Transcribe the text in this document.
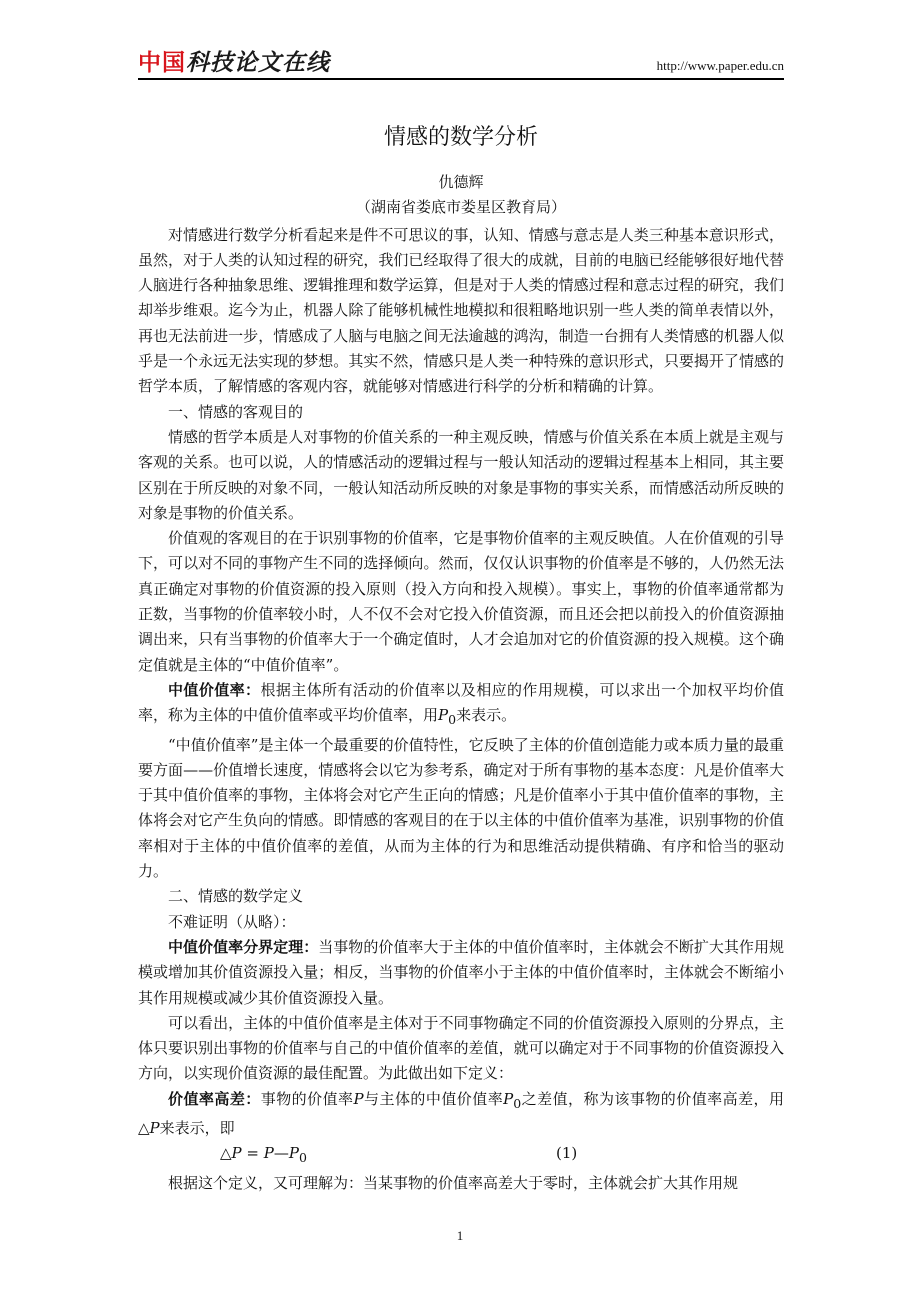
中国科技论文在线	http://www.paper.edu.cn
情感的数学分析
仇德辉
（湖南省娄底市娄星区教育局）

对情感进行数学分析看起来是件不可思议的事，认知、情感与意志是人类三种基本意识形式，虽然，对于人类的认知过程的研究，我们已经取得了很大的成就，目前的电脑已经能够很好地代替人脑进行各种抽象思维、逻辑推理和数学运算，但是对于人类的情感过程和意志过程的研究，我们却举步维艰。迄今为止，机器人除了能够机械性地模拟和很粗略地识别一些人类的简单表情以外，再也无法前进一步，情感成了人脑与电脑之间无法逾越的鸿沟，制造一台拥有人类情感的机器人似乎是一个永远无法实现的梦想。其实不然，情感只是人类一种特殊的意识形式，只要揭开了情感的哲学本质，了解情感的客观内容，就能够对情感进行科学的分析和精确的计算。

一、情感的客观目的

情感的哲学本质是人对事物的价值关系的一种主观反映，情感与价值关系在本质上就是主观与客观的关系。也可以说，人的情感活动的逻辑过程与一般认知活动的逻辑过程基本上相同，其主要区别在于所反映的对象不同，一般认知活动所反映的对象是事物的事实关系，而情感活动所反映的对象是事物的价值关系。

价值观的客观目的在于识别事物的价值率，它是事物价值率的主观反映值。人在价值观的引导下，可以对不同的事物产生不同的选择倾向。然而，仅仅认识事物的价值率是不够的，人仍然无法真正确定对事物的价值资源的投入原则（投入方向和投入规模）。事实上，事物的价值率通常都为正数，当事物的价值率较小时，人不仅不会对它投入价值资源，而且还会把以前投入的价值资源抽调出来，只有当事物的价值率大于一个确定值时，人才会追加对它的价值资源的投入规模。这个确定值就是主体的“中值价值率”。

中值价值率：根据主体所有活动的价值率以及相应的作用规模，可以求出一个加权平均价值率，称为主体的中值价值率或平均价值率，用$P_0$来表示。

“中值价值率”是主体一个最重要的价值特性，它反映了主体的价值创造能力或本质力量的最重要方面——价值增长速度，情感将会以它为参考系，确定对于所有事物的基本态度：凡是价值率大于其中值价值率的事物，主体将会对它产生正向的情感；凡是价值率小于其中值价值率的事物，主体将会对它产生负向的情感。即情感的客观目的在于以主体的中值价值率为基准，识别事物的价值率相对于主体的中值价值率的差值，从而为主体的行为和思维活动提供精确、有序和恰当的驱动力。

二、情感的数学定义

不难证明（从略）：

中值价值率分界定理：当事物的价值率大于主体的中值价值率时，主体就会不断扩大其作用规模或增加其价值资源投入量；相反，当事物的价值率小于主体的中值价值率时，主体就会不断缩小其作用规模或减少其价值资源投入量。

可以看出，主体的中值价值率是主体对于不同事物确定不同的价值资源投入原则的分界点，主体只要识别出事物的价值率与自己的中值价值率的差值，就可以确定对于不同事物的价值资源投入方向，以实现价值资源的最佳配置。为此做出如下定义：

价值率高差：事物的价值率P与主体的中值价值率$P_0$之差值，称为该事物的价值率高差，用△P来表示，即

△P = $P—P_0$	(1)

根据这个定义，又可理解为：当某事物的价值率高差大于零时，主体就会扩大其作用规

1
